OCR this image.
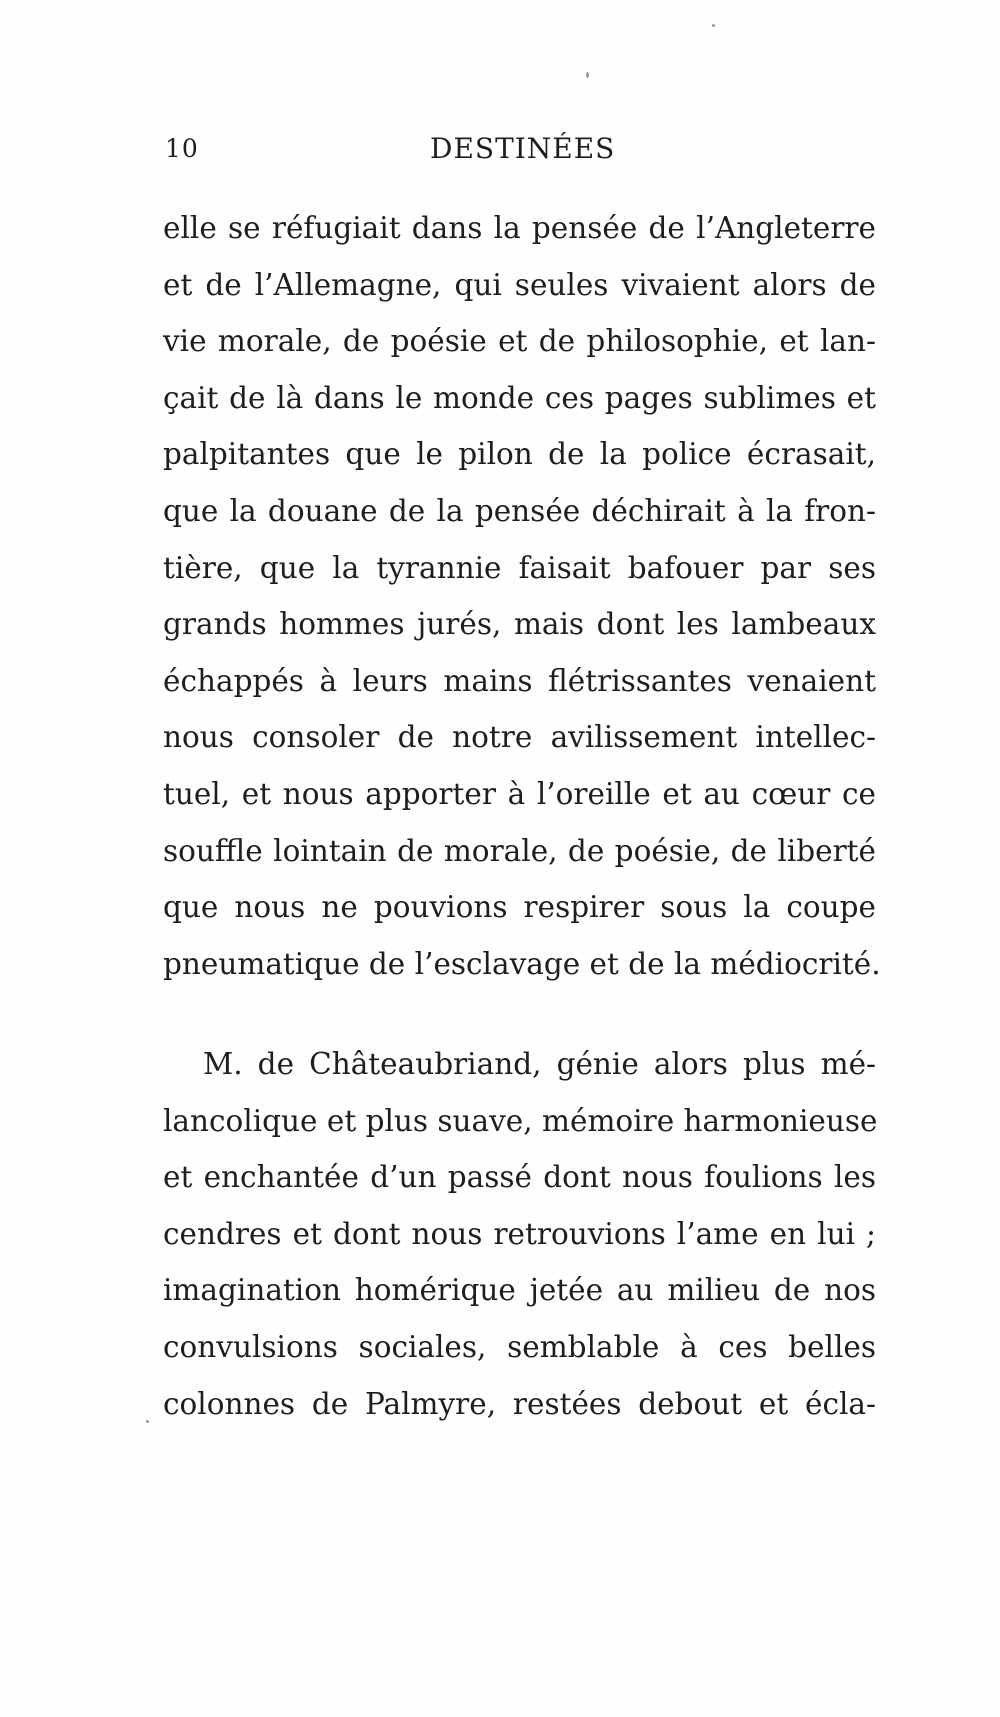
10	DESTINÉES
elle se réfugiait dans la pensée de l’Angleterre
et de l’Allemagne, qui seules vivaient alors de
vie morale, de poésie et de philosophie, et lan-
çait de là dans le monde ces pages sublimes et
palpitantes que le pilon de la police écrasait,
que la douane de la pensée déchirait à la fron-
tière, que la tyrannie faisait bafouer par ses
grands hommes jurés, mais dont les lambeaux
échappés à leurs mains flétrissantes venaient
nous consoler de notre avilissement intellec-
tuel, et nous apporter à l’oreille et au cœur ce
souffle lointain de morale, de poésie, de liberté
que nous ne pouvions respirer sous la coupe
pneumatique de l’esclavage et de la médiocrité.
M. de Châteaubriand, génie alors plus mé-
lancolique et plus suave, mémoire harmonieuse
et enchantée d’un passé dont nous foulions les
cendres et dont nous retrouvions l’ame en lui ;
imagination homérique jetée au milieu de nos
convulsions sociales, semblable à ces belles
colonnes de Palmyre, restées debout et écla-
